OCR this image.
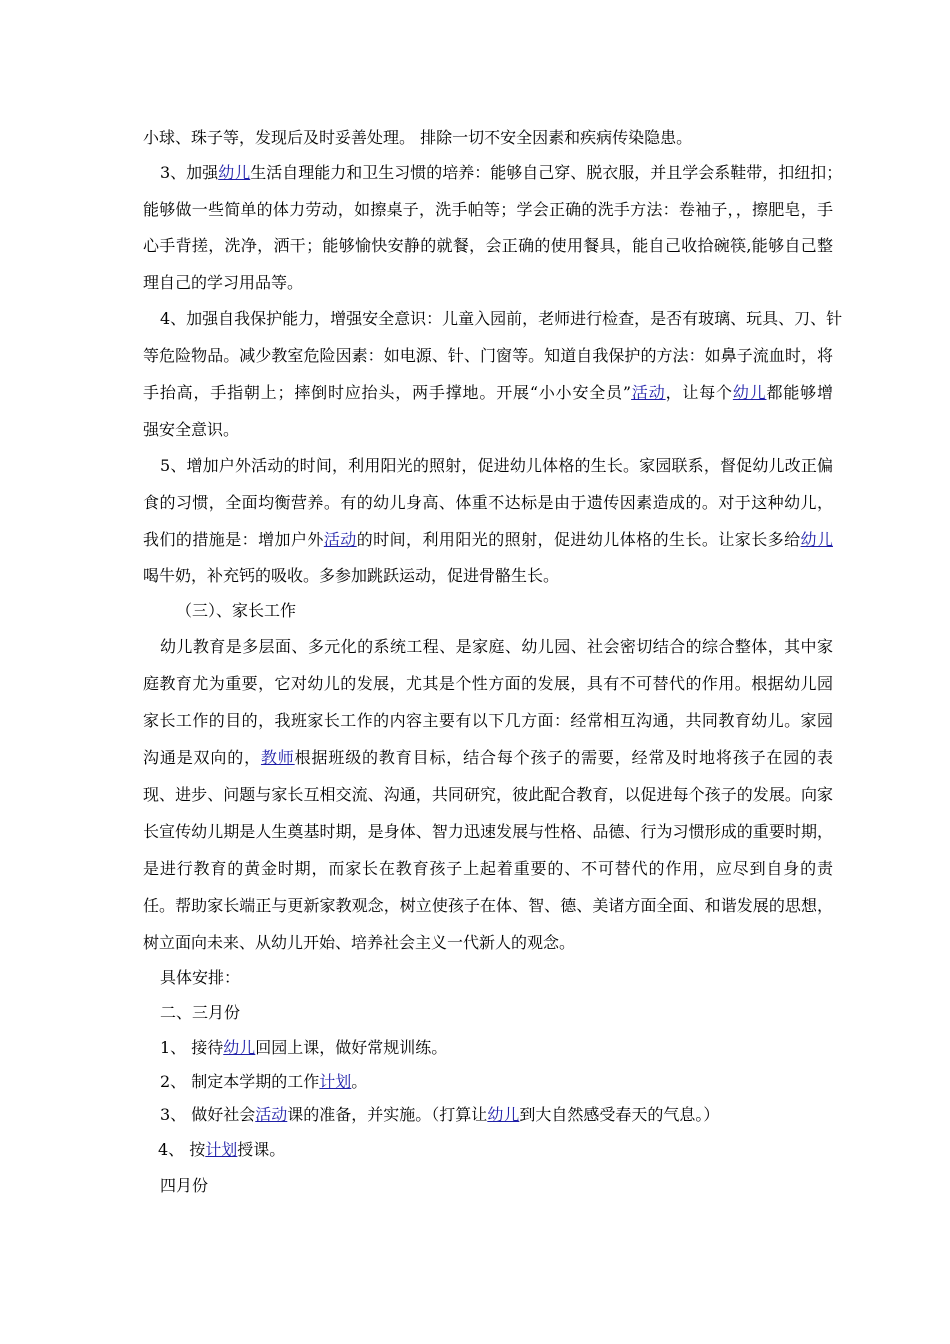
小球、珠子等，发现后及时妥善处理。 排除一切不安全因素和疾病传染隐患。
3、加强幼儿生活自理能力和卫生习惯的培养：能够自己穿、脱衣服，并且学会系鞋带，扣纽扣；
能够做一些简单的体力劳动，如擦桌子，洗手帕等；学会正确的洗手方法：卷袖子，，擦肥皂，手
心手背搓，洗净，洒干；能够愉快安静的就餐，会正确的使用餐具，能自己收拾碗筷,能够自己整
理自己的学习用品等。
4、加强自我保护能力，增强安全意识：儿童入园前，老师进行检查，是否有玻璃、玩具、刀、针
等危险物品。减少教室危险因素：如电源、针、门窗等。知道自我保护的方法：如鼻子流血时，将
手抬高，手指朝上；摔倒时应抬头，两手撑地。开展“小小安全员”活动，让每个幼儿都能够增
强安全意识。
5、增加户外活动的时间，利用阳光的照射，促进幼儿体格的生长。家园联系，督促幼儿改正偏
食的习惯，全面均衡营养。有的幼儿身高、体重不达标是由于遗传因素造成的。对于这种幼儿，
我们的措施是：增加户外活动的时间，利用阳光的照射，促进幼儿体格的生长。让家长多给幼儿
喝牛奶，补充钙的吸收。多参加跳跃运动，促进骨骼生长。
（三）、家长工作
幼儿教育是多层面、多元化的系统工程、是家庭、幼儿园、社会密切结合的综合整体，其中家
庭教育尤为重要，它对幼儿的发展，尤其是个性方面的发展，具有不可替代的作用。根据幼儿园
家长工作的目的，我班家长工作的内容主要有以下几方面：经常相互沟通，共同教育幼儿。家园
沟通是双向的，教师根据班级的教育目标，结合每个孩子的需要，经常及时地将孩子在园的表
现、进步、问题与家长互相交流、沟通，共同研究，彼此配合教育，以促进每个孩子的发展。向家
长宣传幼儿期是人生奠基时期，是身体、智力迅速发展与性格、品德、行为习惯形成的重要时期，
是进行教育的黄金时期，而家长在教育孩子上起着重要的、不可替代的作用，应尽到自身的责
任。帮助家长端正与更新家教观念，树立使孩子在体、智、德、美诸方面全面、和谐发展的思想，
树立面向未来、从幼儿开始、培养社会主义一代新人的观念。
具体安排：
二、三月份
1、 接待幼儿回园上课，做好常规训练。
2、 制定本学期的工作计划。
3、 做好社会活动课的准备，并实施。（打算让幼儿到大自然感受春天的气息。）
4、 按计划授课。
四月份
